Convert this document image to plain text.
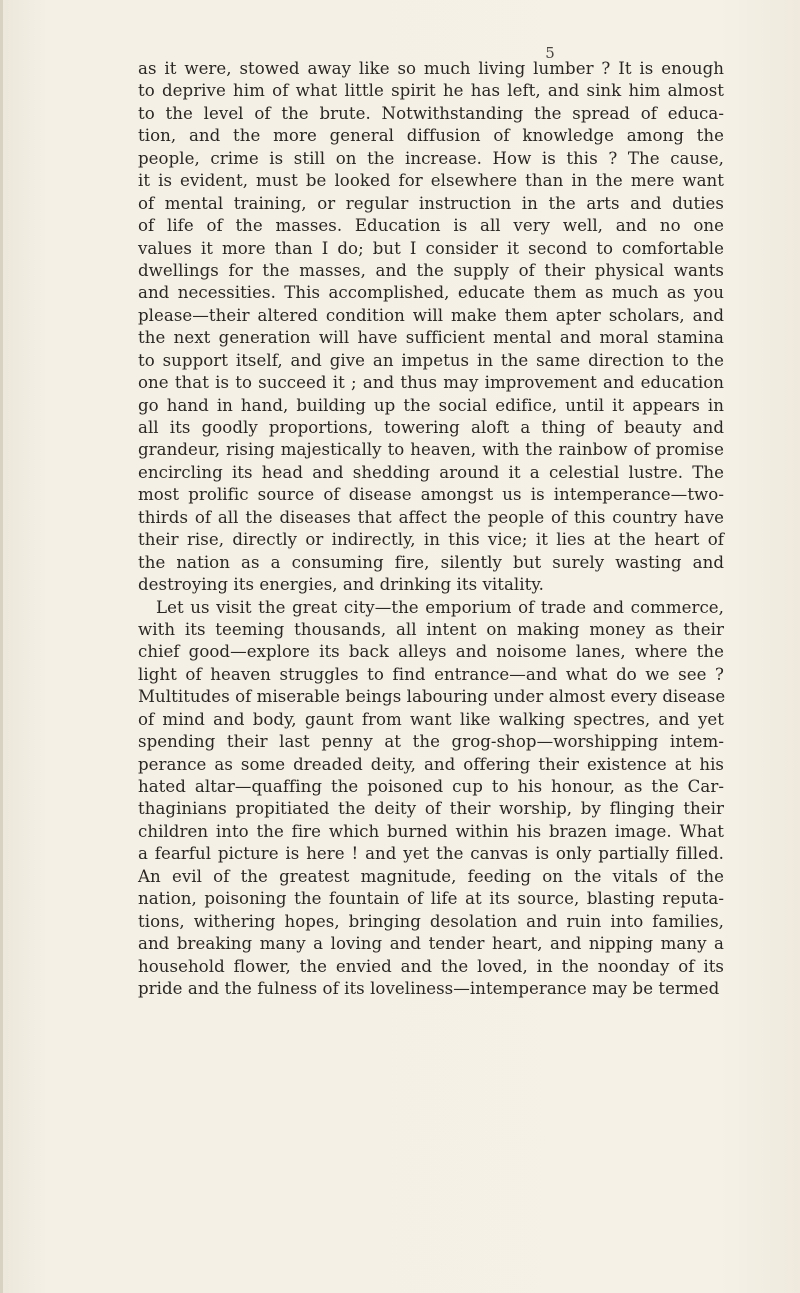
5
as it were, stowed away like so much living lumber ? It is enough
to deprive him of what little spirit he has left, and sink him almost
to the level of the brute. Notwithstanding the spread of educa-
tion, and the more general diffusion of knowledge among the
people, crime is still on the increase. How is this ? The cause,
it is evident, must be looked for elsewhere than in the mere want
of mental training, or regular instruction in the arts and duties
of life of the masses. Education is all very well, and no one
values it more than I do; but I consider it second to comfortable
dwellings for the masses, and the supply of their physical wants
and necessities. This accomplished, educate them as much as you
please—their altered condition will make them apter scholars, and
the next generation will have sufficient mental and moral stamina
to support itself, and give an impetus in the same direction to the
one that is to succeed it ; and thus may improvement and education
go hand in hand, building up the social edifice, until it appears in
all its goodly proportions, towering aloft a thing of beauty and
grandeur, rising majestically to heaven, with the rainbow of promise
encircling its head and shedding around it a celestial lustre. The
most prolific source of disease amongst us is intemperance—two-
thirds of all the diseases that affect the people of this country have
their rise, directly or indirectly, in this vice; it lies at the heart of
the nation as a consuming fire, silently but surely wasting and
destroying its energies, and drinking its vitality.
Let us visit the great city—the emporium of trade and commerce,
with its teeming thousands, all intent on making money as their
chief good—explore its back alleys and noisome lanes, where the
light of heaven struggles to find entrance—and what do we see ?
Multitudes of miserable beings labouring under almost every disease
of mind and body, gaunt from want like walking spectres, and yet
spending their last penny at the grog-shop—worshipping intem-
perance as some dreaded deity, and offering their existence at his
hated altar—quaffing the poisoned cup to his honour, as the Car-
thaginians propitiated the deity of their worship, by flinging their
children into the fire which burned within his brazen image. What
a fearful picture is here ! and yet the canvas is only partially filled.
An evil of the greatest magnitude, feeding on the vitals of the
nation, poisoning the fountain of life at its source, blasting reputa-
tions, withering hopes, bringing desolation and ruin into families,
and breaking many a loving and tender heart, and nipping many a
household flower, the envied and the loved, in the noonday of its
pride and the fulness of its loveliness—intemperance may be termed
